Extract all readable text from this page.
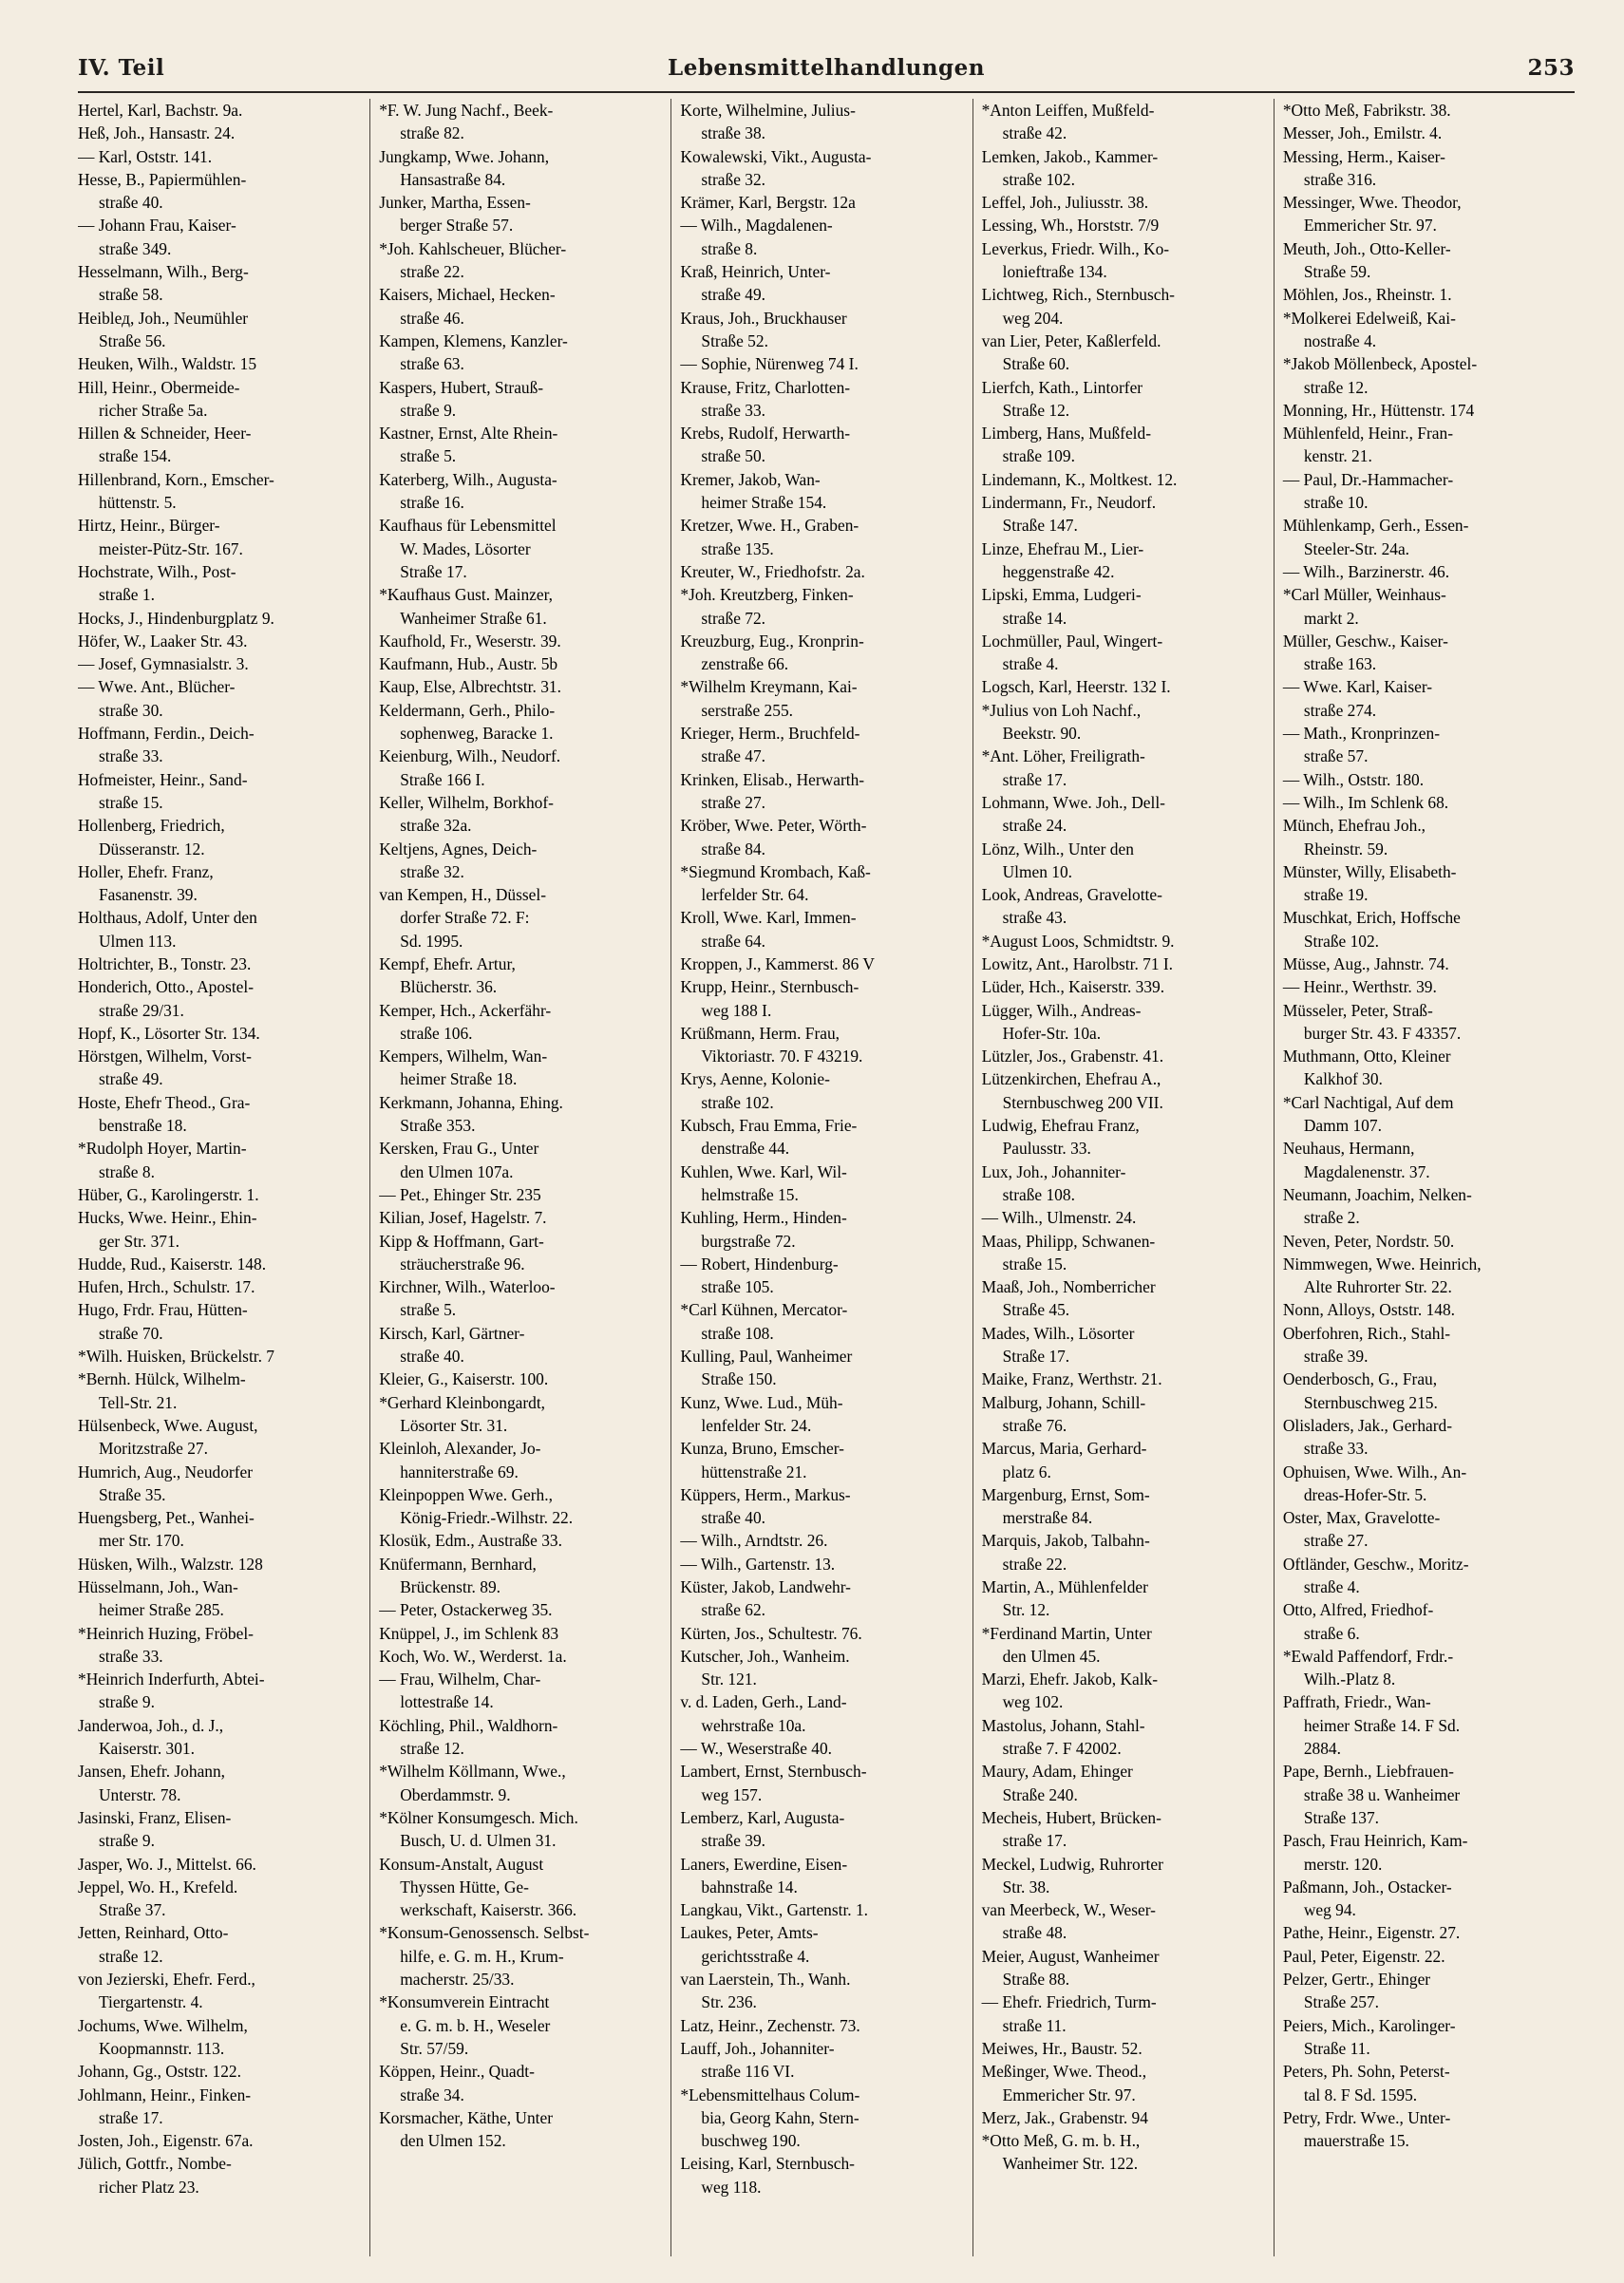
IV. Teil	Lebensmittelhandlungen	253

Hertel, Karl, Bachstr. 9a.

Heß, Joh., Hansastr. 24.

— Karl, Oststr. 141.

Hesse, B., Papiermühlen-
straße 40.

— Johann Frau, Kaiser-
straße 349.

Hesselmann, Wilh., Berg-
straße 58.

Heiblед, Joh., Neumühler
Straße 56.

Heuken, Wilh., Waldstr. 15

Hill, Heinr., Obermeide-
richer Straße 5a.

Hillen & Schneider, Heer-
straße 154.

Hillenbrand, Korn., Emscher-
hüttenstr. 5.

Hirtz, Heinr., Bürger-
meister-Pütz-Str. 167.

Hochstrate, Wilh., Post-
straße 1.

Hocks, J., Hindenburgplatz 9.

Höfer, W., Laaker Str. 43.

— Josef, Gymnasialstr. 3.

— Wwe. Ant., Blücher-
straße 30.

Hoffmann, Ferdin., Deich-
straße 33.

Hofmeister, Heinr., Sand-
straße 15.

Hollenberg, Friedrich,
Düsseranstr. 12.

Holler, Ehefr. Franz,
Fasanenstr. 39.

Holthaus, Adolf, Unter den
Ulmen 113.

Holtrichter, B., Tonstr. 23.

Honderich, Otto., Apostel-
straße 29/31.

Hopf, K., Lösorter Str. 134.

Hörstgen, Wilhelm, Vorst-
straße 49.

Hoste, Ehefr Theod., Gra-
benstraße 18.

*Rudolph Hoyer, Martin-
straße 8.

Hüber, G., Karolingerstr. 1.

Hucks, Wwe. Heinr., Ehin-
ger Str. 371.

Hudde, Rud., Kaiserstr. 148.

Hufen, Hrch., Schulstr. 17.

Hugo, Frdr. Frau, Hütten-
straße 70.

*Wilh. Huisken, Brückelstr. 7

*Bernh. Hülck, Wilhelm-
Tell-Str. 21.

Hülsenbeck, Wwe. August,
Moritzstraße 27.

Humrich, Aug., Neudorfer
Straße 35.

Huengsberg, Pet., Wanhei-
mer Str. 170.

Hüsken, Wilh., Walzstr. 128

Hüsselmann, Joh., Wan-
heimer Straße 285.

*Heinrich Huzing, Fröbel-
straße 33.

*Heinrich Inderfurth, Abtei-
straße 9.

Janderwoa, Joh., d. J.,
Kaiserstr. 301.

Jansen, Ehefr. Johann,
Unterstr. 78.

Jasinski, Franz, Elisen-
straße 9.

Jasper, Wo. J., Mittelst. 66.

Jeppel, Wo. H., Krefeld.
Straße 37.

Jetten, Reinhard, Otto-
straße 12.

von Jezierski, Ehefr. Ferd.,
Tiergartenstr. 4.

Jochums, Wwe. Wilhelm,
Koopmannstr. 113.

Johann, Gg., Oststr. 122.

Johlmann, Heinr., Finken-
straße 17.

Josten, Joh., Eigenstr. 67a.

Jülich, Gottfr., Nombe-
richer Platz 23.

*F. W. Jung Nachf., Beek-
straße 82.

Jungkamp, Wwe. Johann,
Hansastraße 84.

Junker, Martha, Essen-
berger Straße 57.

*Joh. Kahlscheuer, Blücher-
straße 22.

Kaisers, Michael, Hecken-
straße 46.

Kampen, Klemens, Kanzler-
straße 63.

Kaspers, Hubert, Strauß-
straße 9.

Kastner, Ernst, Alte Rhein-
straße 5.

Katerberg, Wilh., Augusta-
straße 16.

Kaufhaus für Lebensmittel
W. Mades, Lösorter
Straße 17.

*Kaufhaus Gust. Mainzer,
Wanheimer Straße 61.

Kaufhold, Fr., Weserstr. 39.

Kaufmann, Hub., Austr. 5b

Kaup, Else, Albrechtstr. 31.

Keldermann, Gerh., Philo-
sophenweg, Baracke 1.

Keienburg, Wilh., Neudorf.
Straße 166 I.

Keller, Wilhelm, Borkhof-
straße 32a.

Keltjens, Agnes, Deich-
straße 32.

van Kempen, H., Düssel-
dorfer Straße 72. F:
Sd. 1995.

Kempf, Ehefr. Artur,
Blücherstr. 36.

Kemper, Hch., Ackerfähr-
straße 106.

Kempers, Wilhelm, Wan-
heimer Straße 18.

Kerkmann, Johanna, Ehing.
Straße 353.

Kersken, Frau G., Unter
den Ulmen 107a.

— Pet., Ehinger Str. 235

Kilian, Josef, Hagelstr. 7.

Kipp & Hoffmann, Gart-
sträucherstraße 96.

Kirchner, Wilh., Waterloo-
straße 5.

Kirsch, Karl, Gärtner-
straße 40.

Kleier, G., Kaiserstr. 100.

*Gerhard Kleinbongardt,
Lösorter Str. 31.

Kleinloh, Alexander, Jo-
hanniterstraße 69.

Kleinpoppen Wwe. Gerh.,
König-Friedr.-Wilhstr. 22.

Klosük, Edm., Austraße 33.

Knüfermann, Bernhard,
Brückenstr. 89.

— Peter, Ostackerweg 35.

Knüppel, J., im Schlenk 83

Koch, Wo. W., Werderst. 1a.

— Frau, Wilhelm, Char-
lottestraße 14.

Köchling, Phil., Waldhorn-
straße 12.

*Wilhelm Köllmann, Wwe.,
Oberdammstr. 9.

*Kölner Konsumgesch. Mich.
Busch, U. d. Ulmen 31.

Konsum-Anstalt, August
Thyssen Hütte, Ge-
werkschaft, Kaiserstr. 366.

*Konsum-Genossensch. Selbst-
hilfe, e. G. m. H., Krum-
macherstr. 25/33.

*Konsumverein Eintracht
e. G. m. b. H., Weseler
Str. 57/59.

Köppen, Heinr., Quadt-
straße 34.

Korsmacher, Käthe, Unter
den Ulmen 152.

Korte, Wilhelmine, Julius-
straße 38.

Kowalewski, Vikt., Augusta-
straße 32.

Krämer, Karl, Bergstr. 12a

— Wilh., Magdalenen-
straße 8.

Kraß, Heinrich, Unter-
straße 49.

Kraus, Joh., Bruckhauser
Straße 52.

— Sophie, Nürenweg 74 I.

Krause, Fritz, Charlotten-
straße 33.

Krebs, Rudolf, Herwarth-
straße 50.

Kremer, Jakob, Wan-
heimer Straße 154.

Kretzer, Wwe. H., Graben-
straße 135.

Kreuter, W., Friedhofstr. 2a.

*Joh. Kreutzberg, Finken-
straße 72.

Kreuzburg, Eug., Kronprin-
zenstraße 66.

*Wilhelm Kreymann, Kai-
serstraße 255.

Krieger, Herm., Bruchfeld-
straße 47.

Krinken, Elisab., Herwarth-
straße 27.

Kröber, Wwe. Peter, Wörth-
straße 84.

*Siegmund Krombach, Kaß-
lerfelder Str. 64.

Kroll, Wwe. Karl, Immen-
straße 64.

Kroppen, J., Kammerst. 86 V

Krupp, Heinr., Sternbusch-
weg 188 I.

Krüßmann, Herm. Frau,
Viktoriastr. 70. F 43219.

Krys, Aenne, Kolonie-
straße 102.

Kubsch, Frau Emma, Frie-
denstraße 44.

Kuhlen, Wwe. Karl, Wil-
helmstraße 15.

Kuhling, Herm., Hinden-
burgstraße 72.

— Robert, Hindenburg-
straße 105.

*Carl Kühnen, Mercator-
straße 108.

Kulling, Paul, Wanheimer
Straße 150.

Kunz, Wwe. Lud., Müh-
lenfelder Str. 24.

Kunza, Bruno, Emscher-
hüttenstraße 21.

Küppers, Herm., Markus-
straße 40.

— Wilh., Arndtstr. 26.

— Wilh., Gartenstr. 13.

Küster, Jakob, Landwehr-
straße 62.

Kürten, Jos., Schultestr. 76.

Kutscher, Joh., Wanheim.
Str. 121.

v. d. Laden, Gerh., Land-
wehrstraße 10a.

— W., Weserstraße 40.

Lambert, Ernst, Sternbusch-
weg 157.

Lemberz, Karl, Augusta-
straße 39.

Laners, Ewerdine, Eisen-
bahnstraße 14.

Langkau, Vikt., Gartenstr. 1.

Laukes, Peter, Amts-
gerichtsstraße 4.

van Laerstein, Th., Wanh.
Str. 236.

Latz, Heinr., Zechenstr. 73.

Lauff, Joh., Johanniter-
straße 116 VI.

*Lebensmittelhaus Colum-
bia, Georg Kahn, Stern-
buschweg 190.

Leising, Karl, Sternbusch-
weg 118.

*Anton Leiffen, Mußfeld-
straße 42.

Lemken, Jakob., Kammer-
straße 102.

Leffel, Joh., Juliusstr. 38.

Lessing, Wh., Horststr. 7/9

Leverkus, Friedr. Wilh., Ko-
lonieftraße 134.

Lichtweg, Rich., Sternbusch-
weg 204.

van Lier, Peter, Kaßlerfeld.
Straße 60.

Lierfch, Kath., Lintorfer
Straße 12.

Limberg, Hans, Mußfeld-
straße 109.

Lindemann, K., Moltkest. 12.

Lindermann, Fr., Neudorf.
Straße 147.

Linze, Ehefrau M., Lier-
heggenstraße 42.

Lipski, Emma, Ludgeri-
straße 14.

Lochmüller, Paul, Wingert-
straße 4.

Logsch, Karl, Heerstr. 132 I.

*Julius von Loh Nachf.,
Beekstr. 90.

*Ant. Löher, Freiligrath-
straße 17.

Lohmann, Wwe. Joh., Dell-
straße 24.

Lönz, Wilh., Unter den
Ulmen 10.

Look, Andreas, Gravelotte-
straße 43.

*August Loos, Schmidtstr. 9.

Lowitz, Ant., Harolbstr. 71 I.

Lüder, Hch., Kaiserstr. 339.

Lügger, Wilh., Andreas-
Hofer-Str. 10a.

Lützler, Jos., Grabenstr. 41.

Lützenkirchen, Ehefrau A.,
Sternbuschweg 200 VII.

Ludwig, Ehefrau Franz,
Paulusstr. 33.

Lux, Joh., Johanniter-
straße 108.

— Wilh., Ulmenstr. 24.

Maas, Philipp, Schwanen-
straße 15.

Maaß, Joh., Nomberricher
Straße 45.

Mades, Wilh., Lösorter
Straße 17.

Maike, Franz, Werthstr. 21.

Malburg, Johann, Schill-
straße 76.

Marcus, Maria, Gerhard-
platz 6.

Margenburg, Ernst, Som-
merstraße 84.

Marquis, Jakob, Talbahn-
straße 22.

Martin, A., Mühlenfelder
Str. 12.

*Ferdinand Martin, Unter
den Ulmen 45.

Marzi, Ehefr. Jakob, Kalk-
weg 102.

Mastolus, Johann, Stahl-
straße 7. F 42002.

Maury, Adam, Ehinger
Straße 240.

Mecheis, Hubert, Brücken-
straße 17.

Meckel, Ludwig, Ruhrorter
Str. 38.

van Meerbeck, W., Weser-
straße 48.

Meier, August, Wanheimer
Straße 88.

— Ehefr. Friedrich, Turm-
straße 11.

Meiwes, Hr., Baustr. 52.

Meßinger, Wwe. Theod.,
Emmericher Str. 97.

Merz, Jak., Grabenstr. 94

*Otto Meß, G. m. b. H.,
Wanheimer Str. 122.

*Otto Meß, Fabrikstr. 38.

Messer, Joh., Emilstr. 4.

Messing, Herm., Kaiser-
straße 316.

Messinger, Wwe. Theodor,
Emmericher Str. 97.

Meuth, Joh., Otto-Keller-
Straße 59.

Möhlen, Jos., Rheinstr. 1.

*Molkerei Edelweiß, Kai-
nostraße 4.

*Jakob Möllenbeck, Apostel-
straße 12.

Monning, Hr., Hüttenstr. 174

Mühlenfeld, Heinr., Fran-
kenstr. 21.

— Paul, Dr.-Hammacher-
straße 10.

Mühlenkamp, Gerh., Essen-
Steeler-Str. 24a.

— Wilh., Barzinerstr. 46.

*Carl Müller, Weinhaus-
markt 2.

Müller, Geschw., Kaiser-
straße 163.

— Wwe. Karl, Kaiser-
straße 274.

— Math., Kronprinzen-
straße 57.

— Wilh., Oststr. 180.

— Wilh., Im Schlenk 68.

Münch, Ehefrau Joh.,
Rheinstr. 59.

Münster, Willy, Elisabeth-
straße 19.

Muschkat, Erich, Hoffsche
Straße 102.

Müsse, Aug., Jahnstr. 74.

— Heinr., Werthstr. 39.

Müsseler, Peter, Straß-
burger Str. 43. F 43357.

Muthmann, Otto, Kleiner
Kalkhof 30.

*Carl Nachtigal, Auf dem
Damm 107.

Neuhaus, Hermann,
Magdalenenstr. 37.

Neumann, Joachim, Nelken-
straße 2.

Neven, Peter, Nordstr. 50.

Nimmwegen, Wwe. Heinrich,
Alte Ruhrorter Str. 22.

Nonn, Alloys, Oststr. 148.

Oberfohren, Rich., Stahl-
straße 39.

Oenderbosch, G., Frau,
Sternbuschweg 215.

Olisladers, Jak., Gerhard-
straße 33.

Ophuisen, Wwe. Wilh., An-
dreas-Hofer-Str. 5.

Oster, Max, Gravelotte-
straße 27.

Oftländer, Geschw., Moritz-
straße 4.

Otto, Alfred, Friedhof-
straße 6.

*Ewald Paffendorf, Frdr.-
Wilh.-Platz 8.

Paffrath, Friedr., Wan-
heimer Straße 14. F Sd.
2884.

Pape, Bernh., Liebfrauen-
straße 38 u. Wanheimer
Straße 137.

Pasch, Frau Heinrich, Kam-
merstr. 120.

Paßmann, Joh., Ostacker-
weg 94.

Pathe, Heinr., Eigenstr. 27.

Paul, Peter, Eigenstr. 22.

Pelzer, Gertr., Ehinger
Straße 257.

Peiers, Mich., Karolinger-
Straße 11.

Peters, Ph. Sohn, Peterst-
tal 8. F Sd. 1595.

Petry, Frdr. Wwe., Unter-
mauerstraße 15.
